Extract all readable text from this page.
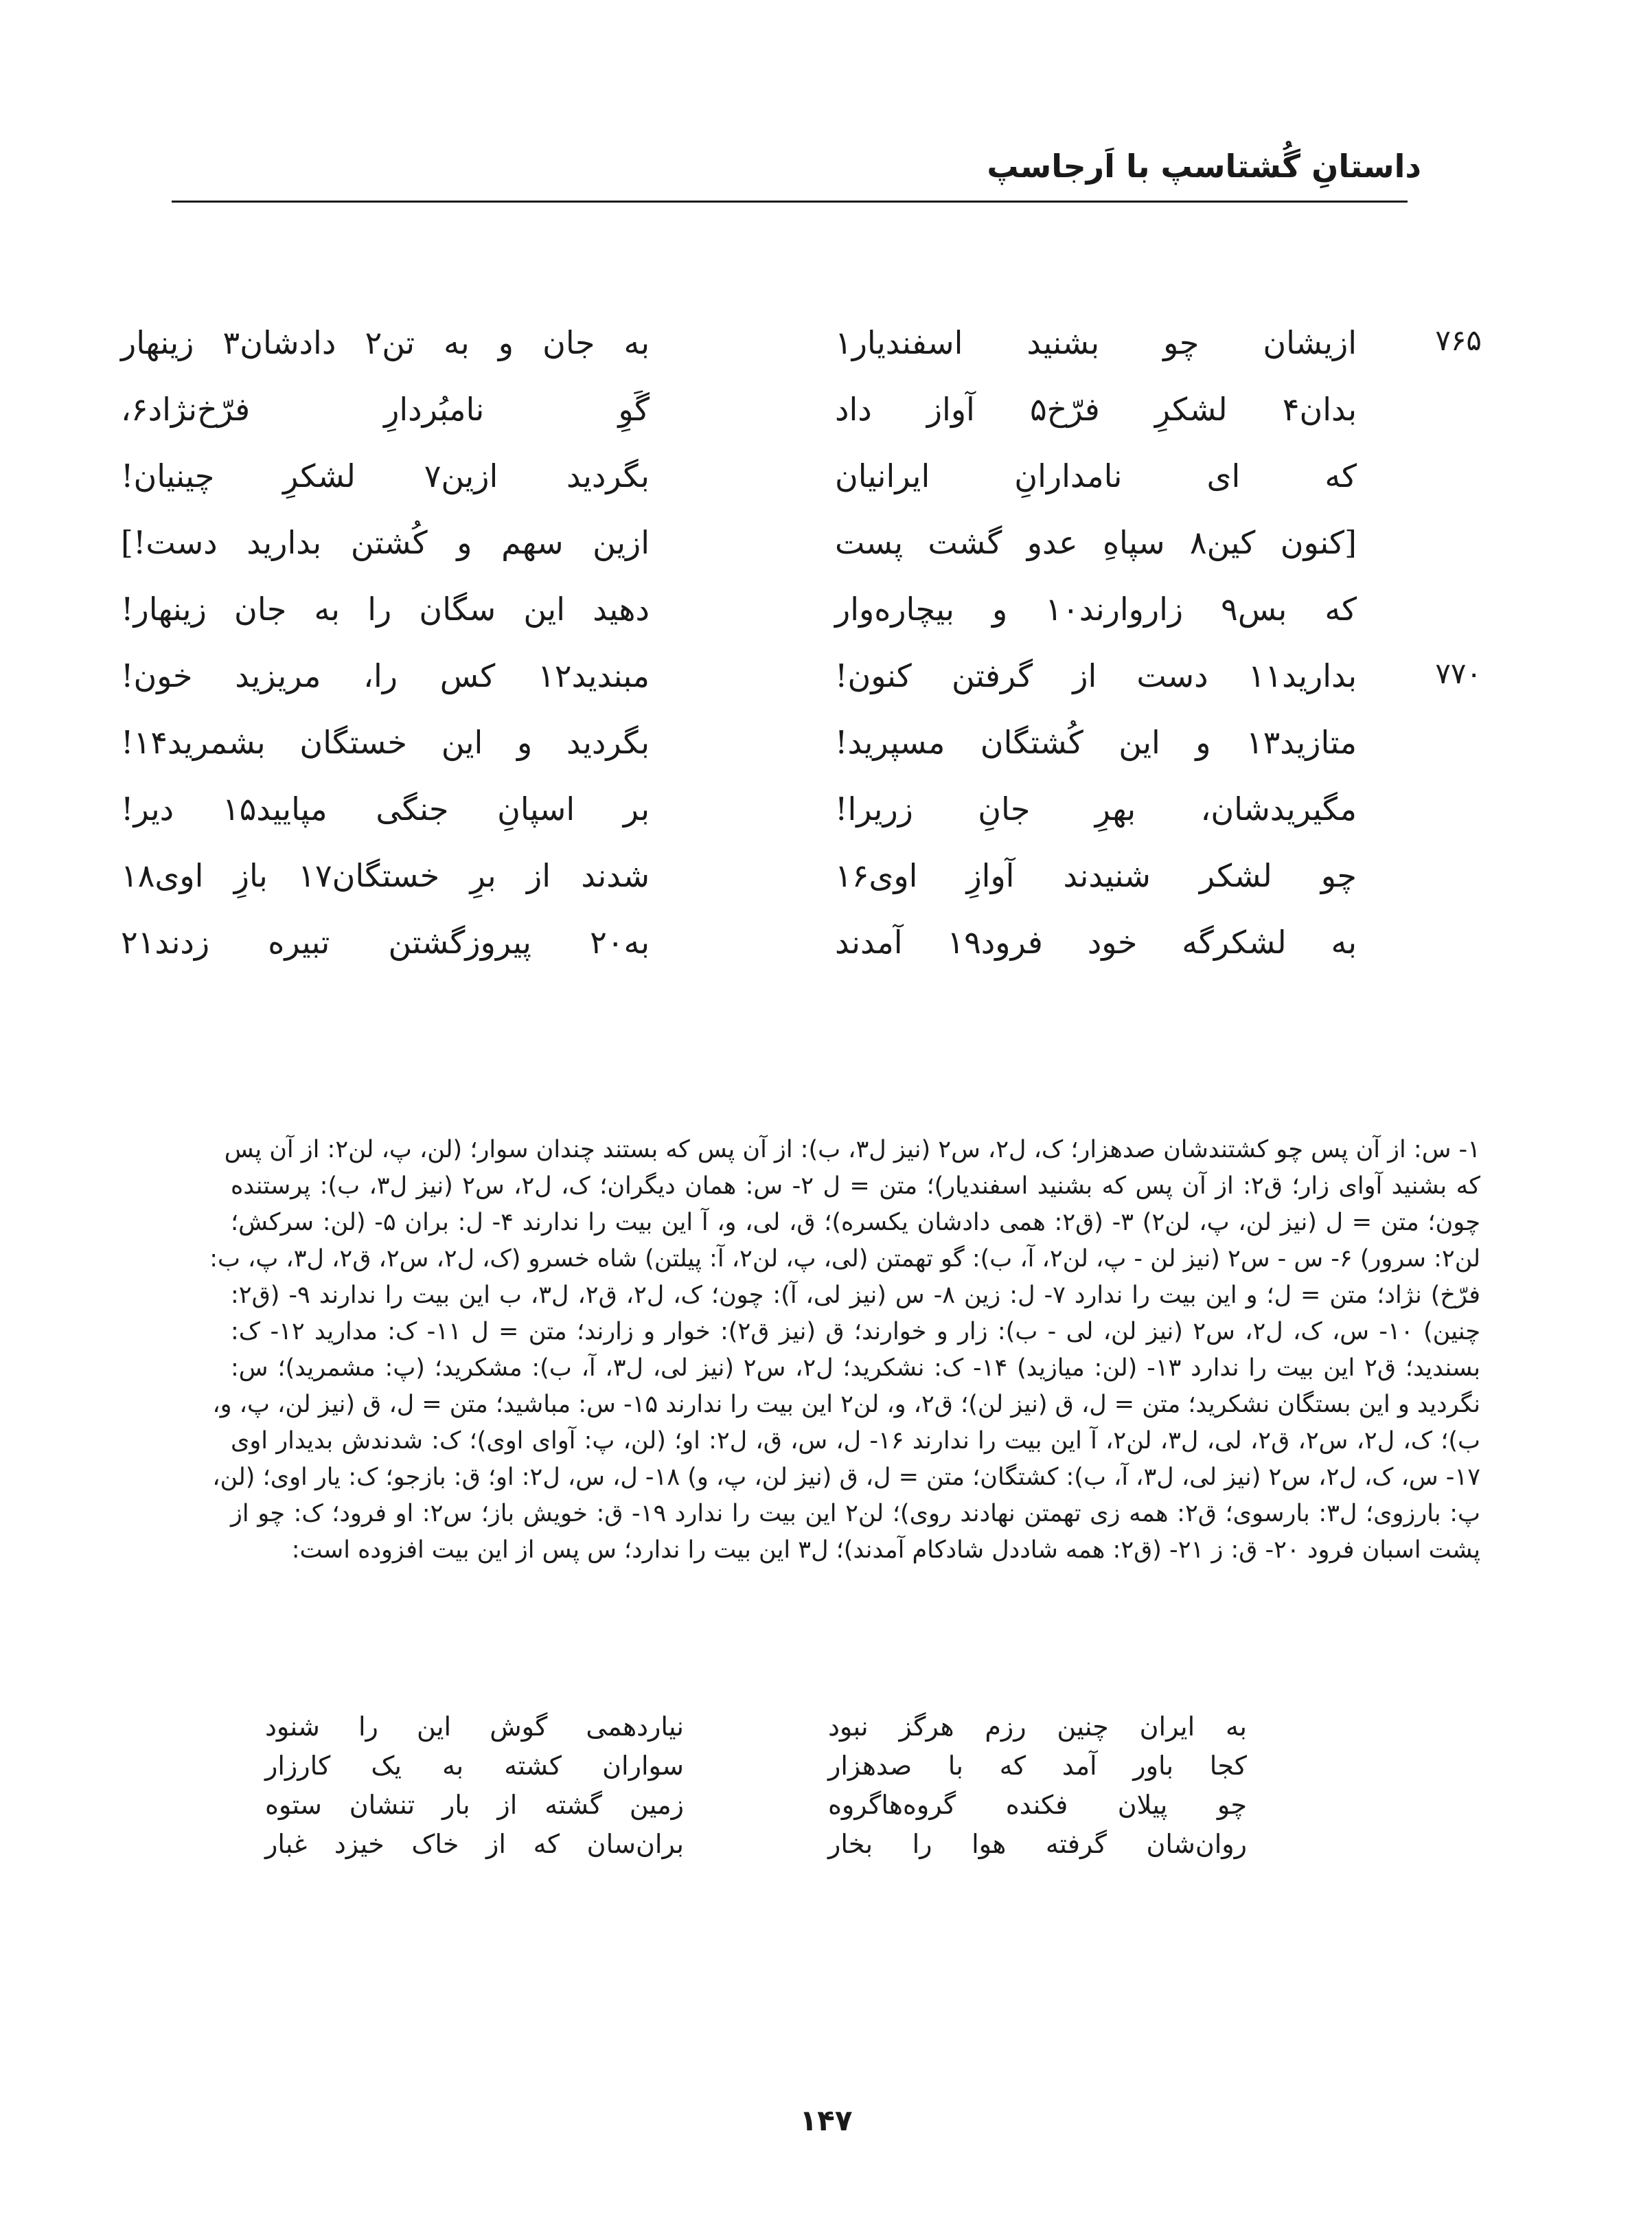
داستانِ گُشتاسپ با اَرجاسپ
۷۶۵
ازیشان چو بشنید اسفندیار۱
به جان و به تن۲ دادشان۳ زینهار
بدان۴ لشکرِ فرّخ۵ آواز داد
گَوِ نامبُردارِ فرّخ‌نژاد۶،
که ای نامدارانِ ایرانیان
بگردید ازین۷ لشکرِ چینیان!
[کنون کین۸ سپاهِ عدو گشت پست
ازین سهم و کُشتن بدارید دست!]
که بس۹ زاروارند۱۰ و بیچاره‌وار
دهید این سگان را به جان زینهار!
۷۷۰
بدارید۱۱ دست از گرفتن کنون!
مبندید۱۲ کس را، مریزید خون!
متازید۱۳ و این کُشتگان مسپرید!
بگردید و این خستگان بشمرید۱۴!
مگیریدشان، بهرِ جانِ زریرا!
بر اسپانِ جنگی مپایید۱۵ دیر!
چو لشکر شنیدند آوازِ اوی۱۶
شدند از برِ خستگان۱۷ بازِ اوی۱۸
به لشکرگه خود فرود۱۹ آمدند
به۲۰ پیروزگشتن تبیره زدند۲۱
۱- س: از آن پس چو کشتندشان صدهزار؛ ک، ل۲، س۲ (نیز ل۳، ب): از آن پس که بستند چندان سوار؛ (لن، پ، لن۲: از آن پس
که بشنید آوای زار؛ ق۲: از آن پس که بشنید اسفندیار)؛ متن = ل ۲- س: همان دیگران؛ ک، ل۲، س۲ (نیز ل۳، ب): پرستنده
چون؛ متن = ل (نیز لن، پ، لن۲) ۳- (ق۲: همی دادشان یکسره)؛ ق، لی، و، آ این بیت را ندارند ۴- ل: بران ۵- (لن: سرکش؛
لن۲: سرور) ۶- س - س۲ (نیز لن - پ، لن۲، آ، ب): گو تهمتن (لی، پ، لن۲، آ: پیلتن) شاه خسرو (ک، ل۲، س۲، ق۲، ل۳، پ، ب:
فرّخ) نژاد؛ متن = ل؛ و این بیت را ندارد ۷- ل: زین ۸- س (نیز لی، آ): چون؛ ک، ل۲، ق۲، ل۳، ب این بیت را ندارند ۹- (ق۲:
چنین) ۱۰- س، ک، ل۲، س۲ (نیز لن، لی - ب): زار و خوارند؛ ق (نیز ق۲): خوار و زارند؛ متن = ل ۱۱- ک: مدارید ۱۲- ک:
بسندید؛ ق۲ این بیت را ندارد ۱۳- (لن: میازید) ۱۴- ک: نشکرید؛ ل۲، س۲ (نیز لی، ل۳، آ، ب): مشکرید؛ (پ: مشمرید)؛ س:
نگردید و این بستگان نشکرید؛ متن = ل، ق (نیز لن)؛ ق۲، و، لن۲ این بیت را ندارند ۱۵- س: مباشید؛ متن = ل، ق (نیز لن، پ، و،
ب)؛ ک، ل۲، س۲، ق۲، لی، ل۳، لن۲، آ این بیت را ندارند ۱۶- ل، س، ق، ل۲: او؛ (لن، پ: آوای اوی)؛ ک: شدندش بدیدار اوی
۱۷- س، ک، ل۲، س۲ (نیز لی، ل۳، آ، ب): کشتگان؛ متن = ل، ق (نیز لن، پ، و) ۱۸- ل، س، ل۲: او؛ ق: بازجو؛ ک: یار اوی؛ (لن،
پ: بارزوی؛ ل۳: بارسوی؛ ق۲: همه زی تهمتن نهادند روی)؛ لن۲ این بیت را ندارد ۱۹- ق: خویش باز؛ س۲: او فرود؛ ک: چو از
پشت اسبان فرود ۲۰- ق: ز ۲۱- (ق۲: همه شاددل شادکام آمدند)؛ ل۳ این بیت را ندارد؛ س پس از این بیت افزوده است:
به ایران چنین رزم هرگز نبود
نیاردهمی گوش این را شنود
کجا باور آمد که با صدهزار
سواران کشته به یک کارزار
چو پیلان فکنده گروه‌هاگروه
زمین گشته از بار تنشان ستوه
روان‌شان گرفته هوا را بخار
بران‌سان که از خاک خیزد غبار
۱۴۷
